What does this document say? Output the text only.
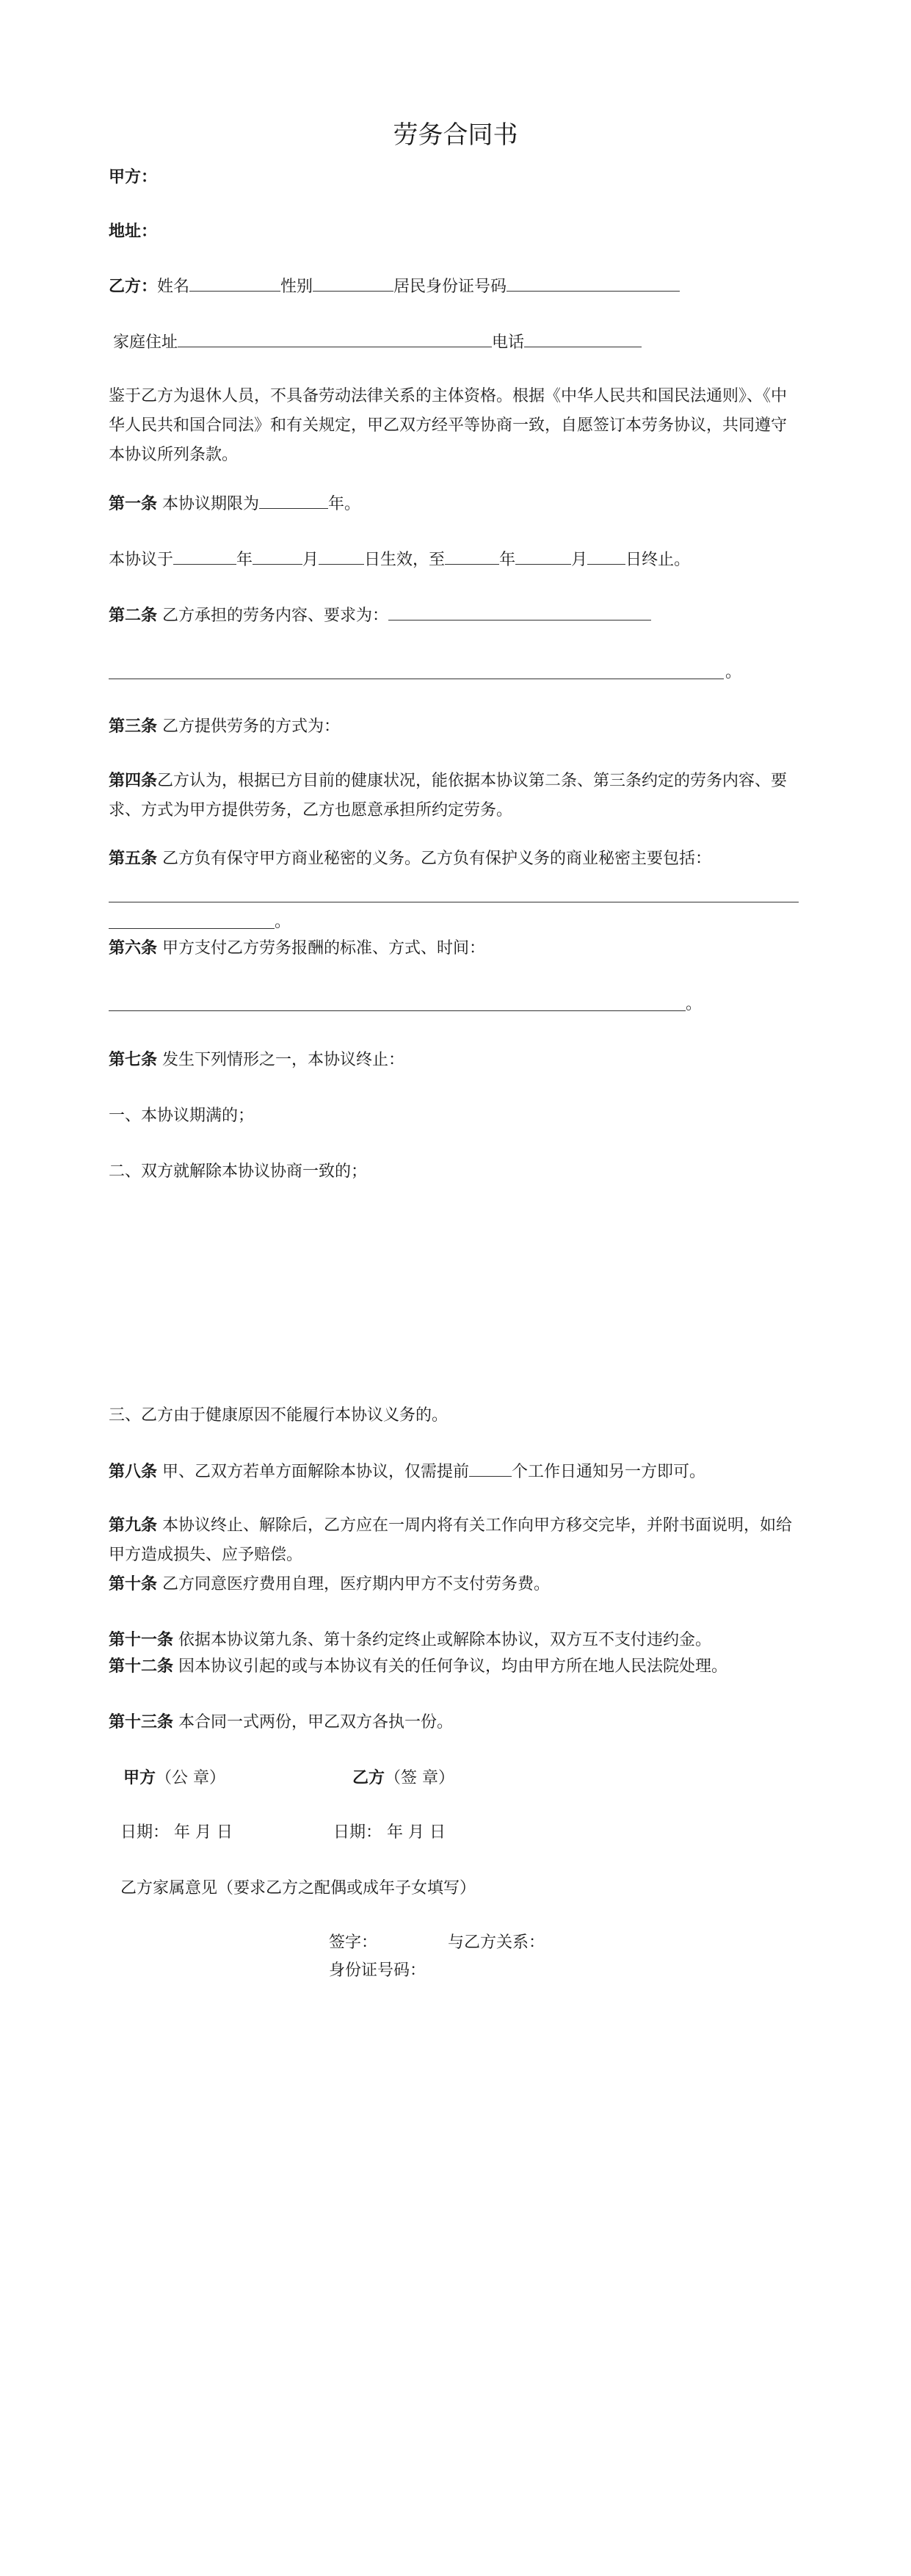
劳务合同书
甲方：
地址：
乙方：姓名	性别	居民身份证号码
家庭住址	电话
鉴于乙方为退休人员，不具备劳动法律关系的主体资格。根据《中华人民共和国民法通则》、《中华人民共和国合同法》和有关规定，甲乙双方经平等协商一致，自愿签订本劳务协议，共同遵守本协议所列条款。
第一条 本协议期限为	年。
本协议于	年	月	日生效，至	年	月 日终止。
第二条 乙方承担的劳务内容、要求为：
。
第三条 乙方提供劳务的方式为：
第四条乙方认为，根据已方目前的健康状况，能依据本协议第二条、第三条约定的劳务内容、要求、方式为甲方提供劳务，乙方也愿意承担所约定劳务。
第五条 乙方负有保守甲方商业秘密的义务。乙方负有保护义务的商业秘密主要包括：
。
第六条 甲方支付乙方劳务报酬的标准、方式、时间：
。
第七条 发生下列情形之一，本协议终止：
一、本协议期满的；
二、双方就解除本协议协商一致的；
三、乙方由于健康原因不能履行本协议义务的。
第八条 甲、乙双方若单方面解除本协议，仅需提前	个工作日通知另一方即可。
第九条 本协议终止、解除后，乙方应在一周内将有关工作向甲方移交完毕，并附书面说明，如给甲方造成损失、应予赔偿。
第十条 乙方同意医疗费用自理，医疗期内甲方不支付劳务费。
第十一条 依据本协议第九条、第十条约定终止或解除本协议，双方互不支付违约金。
第十二条 因本协议引起的或与本协议有关的任何争议，均由甲方所在地人民法院处理。
第十三条 本合同一式两份，甲乙双方各执一份。
甲方（公 章）	乙方（签 章）
日期： 年 月 日	日期： 年 月 日
乙方家属意见（要求乙方之配偶或成年子女填写）
签字：	与乙方关系：
身份证号码：
